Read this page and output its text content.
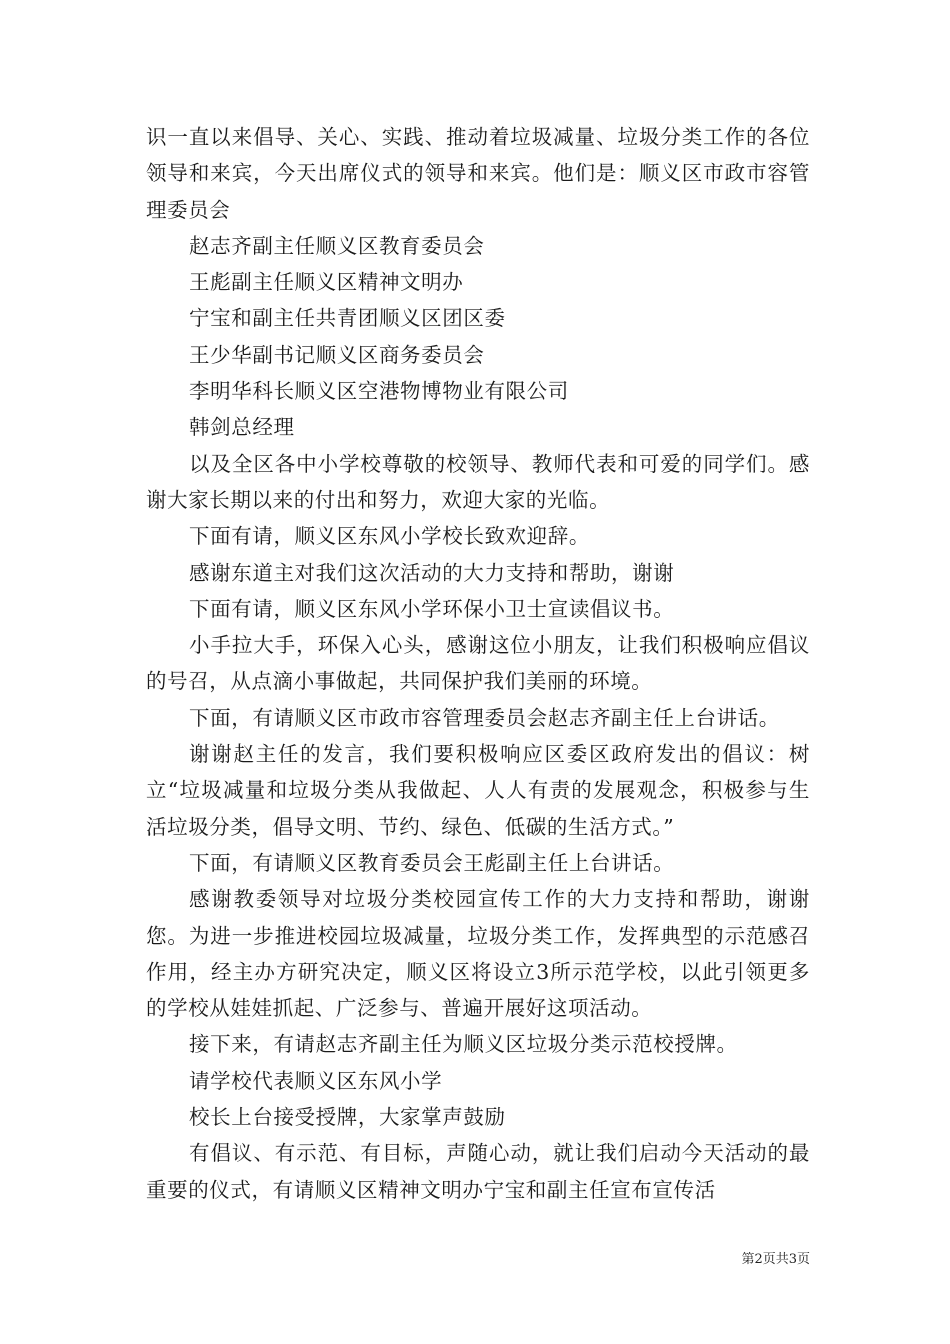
识一直以来倡导、关心、实践、推动着垃圾减量、垃圾分类工作的各位领导和来宾，今天出席仪式的领导和来宾。他们是：顺义区市政市容管理委员会

赵志齐副主任顺义区教育委员会

王彪副主任顺义区精神文明办

宁宝和副主任共青团顺义区团区委

王少华副书记顺义区商务委员会

李明华科长顺义区空港物博物业有限公司

韩剑总经理

以及全区各中小学校尊敬的校领导、教师代表和可爱的同学们。感谢大家长期以来的付出和努力，欢迎大家的光临。

下面有请，顺义区东风小学校长致欢迎辞。

感谢东道主对我们这次活动的大力支持和帮助，谢谢

下面有请，顺义区东风小学环保小卫士宣读倡议书。

小手拉大手，环保入心头，感谢这位小朋友，让我们积极响应倡议的号召，从点滴小事做起，共同保护我们美丽的环境。

下面，有请顺义区市政市容管理委员会赵志齐副主任上台讲话。

谢谢赵主任的发言，我们要积极响应区委区政府发出的倡议：树立“垃圾减量和垃圾分类从我做起、人人有责的发展观念，积极参与生活垃圾分类，倡导文明、节约、绿色、低碳的生活方式。”

下面，有请顺义区教育委员会王彪副主任上台讲话。

感谢教委领导对垃圾分类校园宣传工作的大力支持和帮助，谢谢您。为进一步推进校园垃圾减量，垃圾分类工作，发挥典型的示范感召作用，经主办方研究决定，顺义区将设立3所示范学校，以此引领更多的学校从娃娃抓起、广泛参与、普遍开展好这项活动。

接下来，有请赵志齐副主任为顺义区垃圾分类示范校授牌。

请学校代表顺义区东风小学

校长上台接受授牌，大家掌声鼓励

有倡议、有示范、有目标，声随心动，就让我们启动今天活动的最重要的仪式，有请顺义区精神文明办宁宝和副主任宣布宣传活

第2页共3页
